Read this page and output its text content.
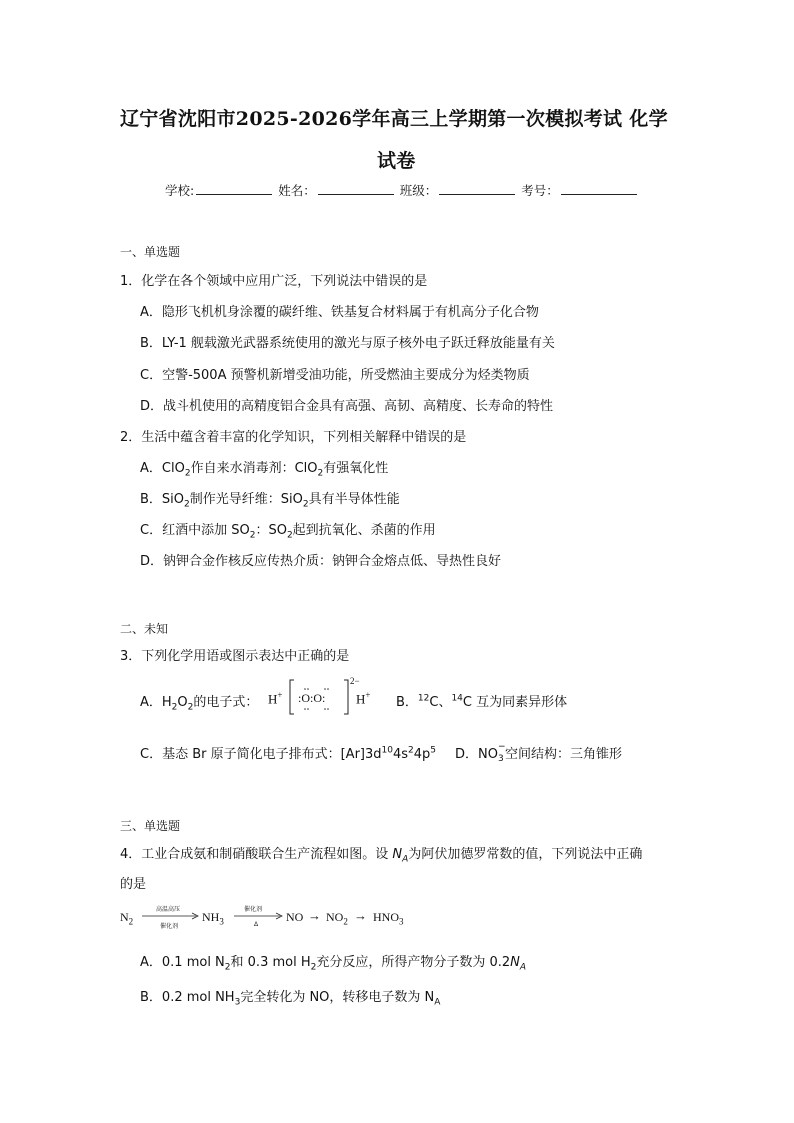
辽宁省沈阳市2025-2026学年高三上学期第一次模拟考试 化学
试卷
学校:	姓名：	班级：	考号：
一、单选题
1．化学在各个领域中应用广泛，下列说法中错误的是
A．隐形飞机机身涂覆的碳纤维、铁基复合材料属于有机高分子化合物
B．LY-1 舰载激光武器系统使用的激光与原子核外电子跃迁释放能量有关
C．空警-500A 预警机新增受油功能，所受燃油主要成分为烃类物质
D．战斗机使用的高精度铝合金具有高强、高韧、高精度、长寿命的特性
2．生活中蕴含着丰富的化学知识，下列相关解释中错误的是
A．ClO$_2$作自来水消毒剂：ClO$_2$有强氧化性
B．SiO$_2$制作光导纤维：SiO$_2$具有半导体性能
C．红酒中添加 $SO_2$：$SO_2$起到抗氧化、杀菌的作用
D．钠钾合金作核反应传热介质：钠钾合金熔点低、导热性良好
二、未知
3．下列化学用语或图示表达中正确的是
A．$H_2O_2$的电子式： H+ :O:O:
2−
H+ B．$^{12}$C、$^{14}$C 互为同素异形体
C．基态 Br 原子简化电子排布式：$[Ar]3d^{10}4s^24p^5$ D．NO −
3 空间结构：三角锥形
三、单选题
4．工业合成氨和制硝酸联合生产流程如图。设 $N_A$为阿伏加德罗常数的值，下列说法中正确
的是
$N_2$
高温高压
催化剂
$NH_3$
催化剂
Δ
NO → $NO_2 \to HNO_3$
A．0.1 mol $N_2$和 0.3 mol $H_2$充分反应，所得产物分子数为 $0.2N_A$
B．0.2 mol $NH_3$完全转化为 NO，转移电子数为 $N_A$
